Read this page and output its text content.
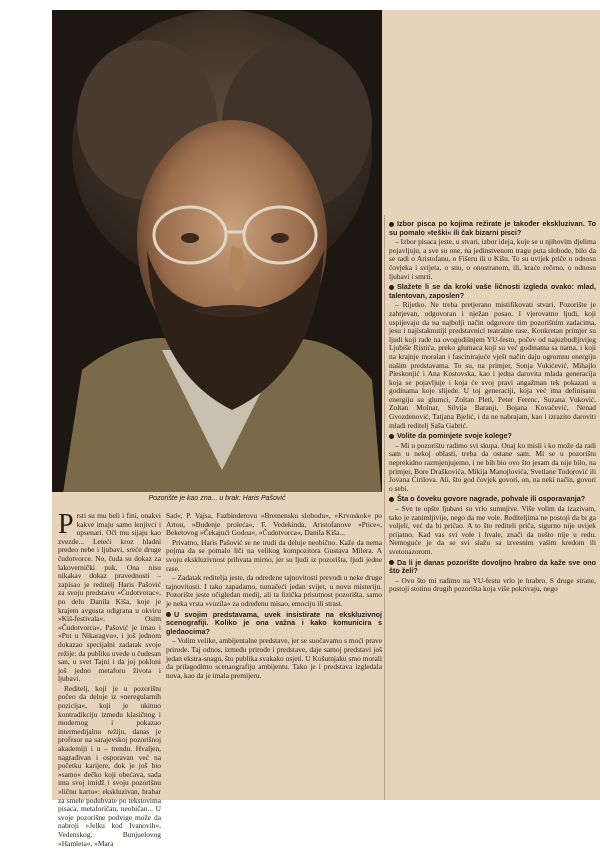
Pozorište je kao zna... u brak: Haris Pašović

Prsti su mu beli i fini, onakvi kakve imaju samo lenjivci i opsenari. Oči mu sijaju kao zvezde... Leteći kroz hladni predeo nebe i ljubavi, sreće druge čudotvorce. No, čuda su dokaz za lakovernički puk. Ona nisu nikakav dokaz pravednosti – zapisao je reditelj Haris Pašović za svoju predstavu »Čudotvorac«, po delu Danila Kiša, koje je krajem avgusta odigrana u okviru »Kiš-festivala«. Osim »Čudotvorca«, Pašović je imao i »Put u Nikaragvu«, i još jednom dokazao specijalni zadatak svoje režije: da publiku uvede u čudesan san, u svet Tajni i da joj pokloni još jedno metaforu života i ljubavi.

Reditelj, koji je u pozorištu počeo da deluje iz »neregularnih pozicija«, koji je ukinuo kontradikciju između klasičnog i modernog i pokazao intermedijalnu režiju, danas je profesor na sarajevskoj pozorišnoj akademiji i u – trendu. Hvaljen, nagrađivan i osporavan već na početku karijere, dok je još bio »samo« dečko koji obećava, sada ima svoj imidž i svoju pozorišnu »ličnu kartu«: ekskluzivan, hrabar za smele poduhvate po tekstovima pisaca, metaforičan, neobičan... U svoje pozorišne podvige može da nabroji »Jelku kod Ivanovih«, Vedenskog, Bunjuelovog »Hamleta«, »Mara

Sad«, P. Vajsa, Fazbinderovu »Bremensku slobodu«, »Krvoskok« po Artou, »Buđenje proleća«, F. Vedekinda, Aristofanove »Ptice«, Beketovog »Čekajući Godoa«, »Čudotvorca«, Danila Kiša...

Privatno, Haris Pašović se ne trudi da deluje neobično. Kaže da nema pojma da se pomalo liči na velikog kompozitora Gustava Milera. A svoju ekskluzivnost prihvata mirno, jer su ljudi iz pozorišta, ljudi jedne rase.

– Zadatak reditelja jeste, da određene tajnovitosti prevodi u neke druge tajnovitosti. I tako zapadamo, tumačeći jedan svijet, u novu misteriju. Pozorište jeste očigledan medij, ali ta fizička prisutnost pozorišta, samo je neka vrsta »vozila« za određenu misao, emociju ili strast.

U svojim predstavama, uvek insistirate na ekskluzivnoj scenografiji. Koliko je ona važna i kako komunicira s gledaocima?

– Volim velike, ambijentalne predstave, jer se suočavamo s moći prave prirode. Taj odnos, između prirode i predstave, daje samoj predstavi još jedan ekstra-snagu, što publika svakako osjeti. U Košutnjaku smo morali da prilagodimo scenaografiju ambijentu. Tako je i predstava izgledala nova, kao da je imala premijeru.

Izbor pisca po kojima režirate je također ekskluzivan. To su pomalo »teški« ili čak bizarni pisci?

– Izbor pisaca jeste, u stvari, izbor ideja, koje se u njihovim djelima pojavljuju, a sve su one, na jedinstvenom tragu puta slobode, bilo da se radi o Aristofanu, o Fišeru ili o Kišu. To su uvijek priče o odnosu čovjeka i svijeta, o snu, o onostranom, ili, kraće rečeno, o odnosu ljubavi i smrti.

Slažete li se da kroki vaše ličnosti izgleda ovako: mlad, talentovan, zaposlen?

– Rijetko. Ne treba pretjerano mistifikovati stvari. Pozorište je zahtjevan, odgovoran i nježan posao. I vjerovatno ljudi, koji uspijevaju da na najbolji način odgovore tim pozorišnim zadacima, jesu i najistaknutiji predstavnici teatralne rase. Konkretan primjer su ljudi koji rade na ovogodišnjem YU-festu, počev od najuzbudljivijeg Ljubiše Ristića, preko glumaca koji su već godinama sa nama, i koji na krajnje moralan i fascinirajuće vješt način daju ogromnu energiju našim predstavama. To su, na primjer, Sonja Vukićević, Mihajlo Pleskonjić i Ana Kostovska, kao i jedna darovita mlada generacija koja se pojavljuje i koja će svoj pravi angažman tek pokazati u godinama koje slijede. U toj generaciji, koja već ima definisanu energiju su glumci, Zoltan Pletl, Peter Ferenc, Suzana Vuković, Zoltan Molnar, Silvija Baranji, Bojana Kovačević, Nenad Gvozdenović, Tatjana Bjelić, i da ne nabrajam, kao i izrazito daroviti mladi reditelj Saša Gabrić.

Volite da pominjete svoje kolege?

– Mi u pozorištu radimo svi skupa. Onaj ko misli i ko može da radi sam u nekoj oblasti, treba da ostane sam. Mi se u pozorištu neprekidno razmjenjujemo, i ne bih bio ovo što jesam da nije bilo, na primjer, Bore Draškovića, Mikija Manojlovića, Svetlane Todorović ili Jovana Ćirilova. Ali, što god čovjek govori, on, na neki način, govori o sebi.

Šta o čoveku govore nagrade, pohvale ili osporavanja?

– Sve te opšte ljubavi su vrlo sumnjive. Više volim da izazivam, tako je zanimljivije, nego da me vole. Rediteljima ne postoji da bi ga voljeli, već da bi pričao. A to što rediteli priča, sigurno nije uvijek prijatno. Kad vas svi vole i hvale, znači da nešto nije u redu. Nemoguće je da se svi slažu sa izvesnim vašim kredom ili svetonazorom.

Da li je danas pozorište dovoljno hrabro da kaže sve ono što želi?

– Ovo što mi radimo na YU-festu vrlo je hrabro. S druge strane, postoji stotinu drugih pozorišta koja više pokrivaju, nego
